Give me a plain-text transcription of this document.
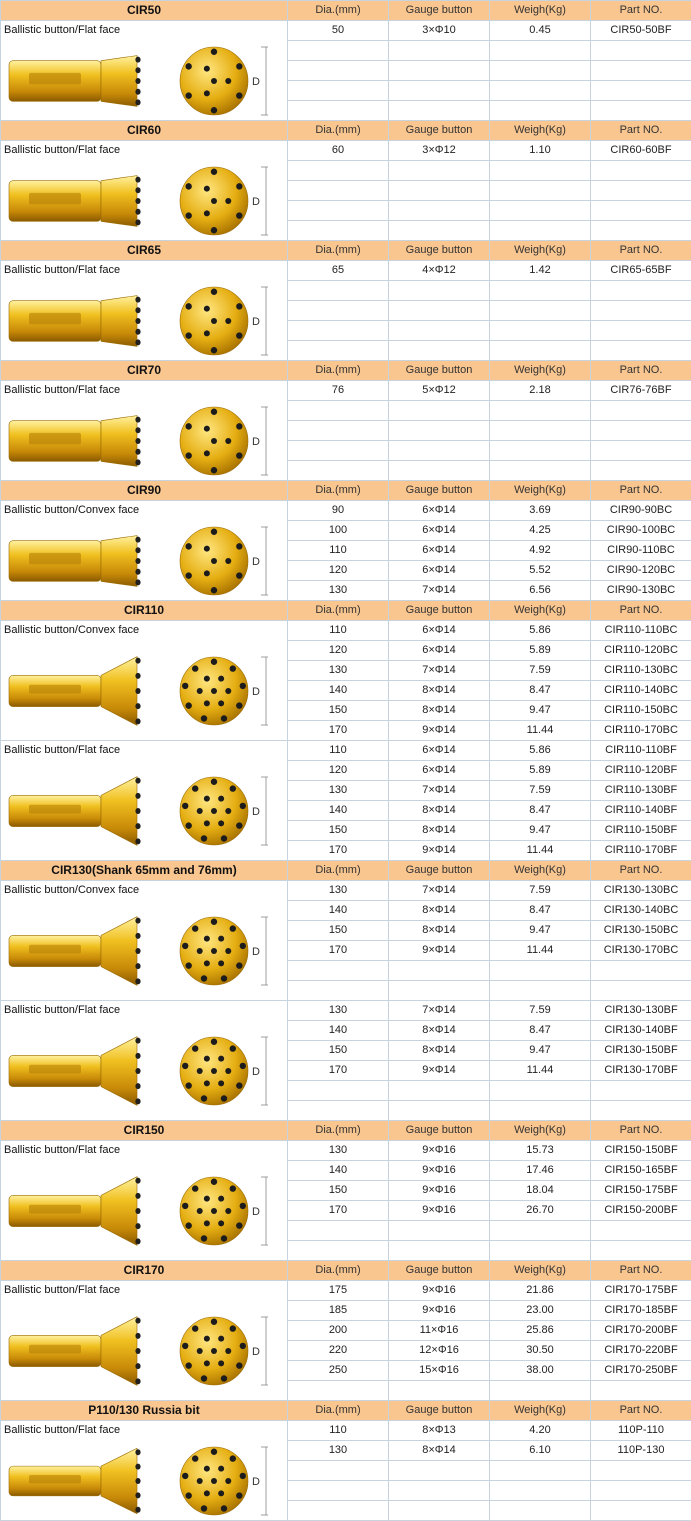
CIR50	Dia.(mm)	Gauge button	Weigh(Kg)	Part NO.

Ballistic button/Flat face
D	50	3×Φ10	0.45	CIR50-50BF

CIR60	Dia.(mm)	Gauge button	Weigh(Kg)	Part NO.

Ballistic button/Flat face
D	60	3×Φ12	1.10	CIR60-60BF

CIR65	Dia.(mm)	Gauge button	Weigh(Kg)	Part NO.

Ballistic button/Flat face
D	65	4×Φ12	1.42	CIR65-65BF

CIR70	Dia.(mm)	Gauge button	Weigh(Kg)	Part NO.

Ballistic button/Flat face
D	76	5×Φ12	2.18	CIR76-76BF

CIR90	Dia.(mm)	Gauge button	Weigh(Kg)	Part NO.

Ballistic button/Convex face
D	90	6×Φ14	3.69	CIR90-90BC
	100	6×Φ14	4.25	CIR90-100BC
	110	6×Φ14	4.92	CIR90-110BC
	120	6×Φ14	5.52	CIR90-120BC
	130	7×Φ14	6.56	CIR90-130BC
CIR110	Dia.(mm)	Gauge button	Weigh(Kg)	Part NO.

Ballistic button/Convex face
D	110	6×Φ14	5.86	CIR110-110BC
	120	6×Φ14	5.89	CIR110-120BC
	130	7×Φ14	7.59	CIR110-130BC
	140	8×Φ14	8.47	CIR110-140BC
	150	8×Φ14	9.47	CIR110-150BC
	170	9×Φ14	11.44	CIR110-170BC

Ballistic button/Flat face
D	110	6×Φ14	5.86	CIR110-110BF
	120	6×Φ14	5.89	CIR110-120BF
	130	7×Φ14	7.59	CIR110-130BF
	140	8×Φ14	8.47	CIR110-140BF
	150	8×Φ14	9.47	CIR110-150BF
	170	9×Φ14	11.44	CIR110-170BF
CIR130(Shank 65mm and 76mm)	Dia.(mm)	Gauge button	Weigh(Kg)	Part NO.

Ballistic button/Convex face
D	130	7×Φ14	7.59	CIR130-130BC
	140	8×Φ14	8.47	CIR130-140BC
	150	8×Φ14	9.47	CIR130-150BC
	170	9×Φ14	11.44	CIR130-170BC

Ballistic button/Flat face
D	130	7×Φ14	7.59	CIR130-130BF
	140	8×Φ14	8.47	CIR130-140BF
	150	8×Φ14	9.47	CIR130-150BF
	170	9×Φ14	11.44	CIR130-170BF

CIR150	Dia.(mm)	Gauge button	Weigh(Kg)	Part NO.

Ballistic button/Flat face
D	130	9×Φ16	15.73	CIR150-150BF
	140	9×Φ16	17.46	CIR150-165BF
	150	9×Φ16	18.04	CIR150-175BF
	170	9×Φ16	26.70	CIR150-200BF

CIR170	Dia.(mm)	Gauge button	Weigh(Kg)	Part NO.

Ballistic button/Flat face
D	175	9×Φ16	21.86	CIR170-175BF
	185	9×Φ16	23.00	CIR170-185BF
	200	11×Φ16	25.86	CIR170-200BF
	220	12×Φ16	30.50	CIR170-220BF
	250	15×Φ16	38.00	CIR170-250BF

P110/130 Russia bit	Dia.(mm)	Gauge button	Weigh(Kg)	Part NO.

Ballistic button/Flat face
D	110	8×Φ13	4.20	110P-110
	130	8×Φ14	6.10	110P-130
